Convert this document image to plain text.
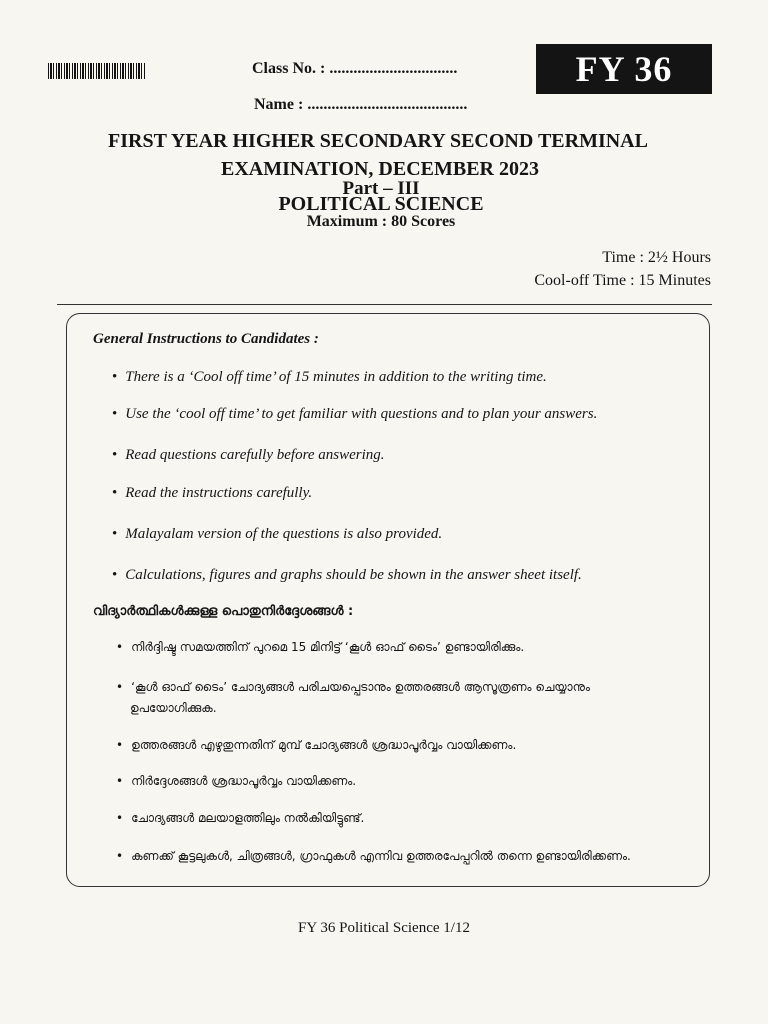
Class No. : ................................
Name : ........................................
FY 36
FIRST YEAR HIGHER SECONDARY SECOND TERMINAL
EXAMINATION, DECEMBER 2023
Part – III
POLITICAL SCIENCE
Maximum : 80 Scores
Time : 2½ Hours
Cool-off Time : 15 Minutes
General Instructions to Candidates :
• There is a ‘Cool off time’ of 15 minutes in addition to the writing time.
• Use the ‘cool off time’ to get familiar with questions and to plan your answers.
• Read questions carefully before answering.
• Read the instructions carefully.
• Malayalam version of the questions is also provided.
• Calculations, figures and graphs should be shown in the answer sheet itself.
വിദ്യാർത്ഥികൾക്കുള്ള പൊതുനിർദ്ദേശങ്ങൾ :
• നിർദ്ദിഷ്ട സമയത്തിന് പുറമെ 15 മിനിട്ട് ‘കൂൾ ഓഫ് ടൈം’ ഉണ്ടായിരിക്കും.
• ‘കൂൾ ഓഫ് ടൈം’ ചോദ്യങ്ങൾ പരിചയപ്പെടാനും ഉത്തരങ്ങൾ ആസൂത്രണം ചെയ്യാനും
ഉപയോഗിക്കുക.
• ഉത്തരങ്ങൾ എഴുതുന്നതിന് മുമ്പ് ചോദ്യങ്ങൾ ശ്രദ്ധാപൂർവ്വം വായിക്കണം.
• നിർദ്ദേശങ്ങൾ ശ്രദ്ധാപൂർവ്വം വായിക്കണം.
• ചോദ്യങ്ങൾ മലയാളത്തിലും നൽകിയിട്ടുണ്ട്.
• കണക്ക് കൂട്ടലുകൾ, ചിത്രങ്ങൾ, ഗ്രാഫുകൾ എന്നിവ ഉത്തരപേപ്പറിൽ തന്നെ ഉണ്ടായിരിക്കണം.
FY 36 Political Science 1/12
